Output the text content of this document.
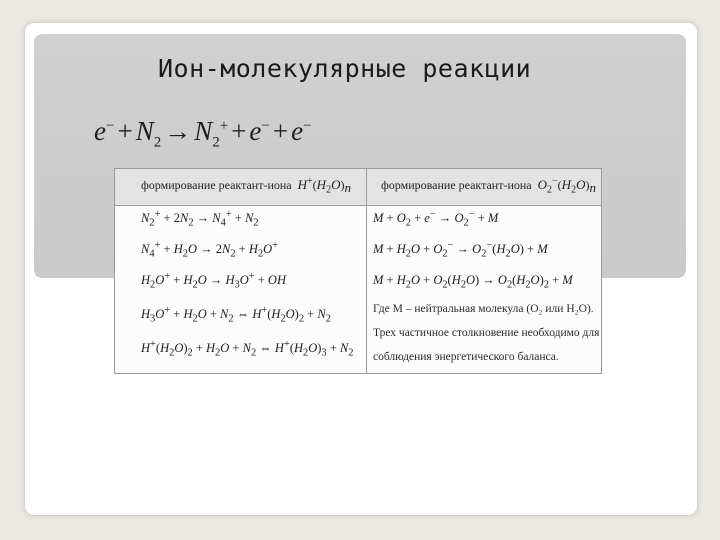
Ион-молекулярные реакции
$e^- + N_2 \to N_2^+ + e^- + e^-$
формирование реактант-иона  $H^+(H_2O)_n$	формирование реактант-иона  $O_2^-(H_2O)_n$
$N_2^+ + 2N_2 \to N_4^+ + N_2$
$N_4^+ + H_2O \to 2N_2 + H_2O^+$
$H_2O^+ + H_2O \to H_3O^+$ + OH
$H_3O^+ + H_2O + N_2$ ⇔ $H^+(H_2O)_2 + N_2$
$H^+(H_2O)_2 + H_2O + N_2$ ⇔ $H^+(H_2O)_3 + N_2$
$M + O_2 + e^- \to O_2^- + M$
$M + H_2O + O_2^- \to O_2^-(H_2O) + M$
$M + H_2O + O_2(H_2O) \to O_2(H_2O)_2 + M$
Где M – нейтральная молекула (O₂ или H₂O).
Трех частичное столкновение необходимо для
соблюдения энергетического баланса.
